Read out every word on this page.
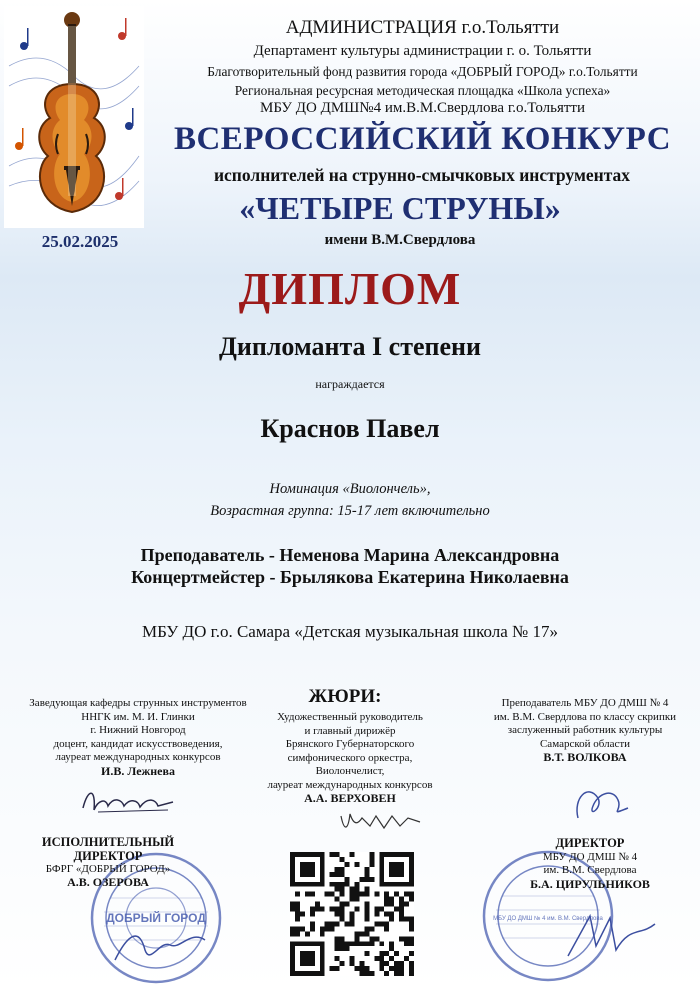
25.02.2025
АДМИНИСТРАЦИЯ г.о.Тольятти
Департамент культуры администрации г. о. Тольятти
Благотворительный фонд развития города «ДОБРЫЙ ГОРОД» г.о.Тольятти
Региональная ресурсная методическая площадка «Школа успеха»
МБУ ДО ДМШ№4 им.В.М.Свердлова г.о.Тольятти
ВСЕРОССИЙСКИЙ КОНКУРС
исполнителей на струнно-смычковых инструментах
«ЧЕТЫРЕ СТРУНЫ»
имени В.М.Свердлова
ДИПЛОМ
Дипломанта I степени
награждается
Краснов Павел
Номинация «Виолончель»,
Возрастная группа: 15-17 лет включительно
Преподаватель - Неменова Марина Александровна
Концертмейстер - Брылякова Екатерина Николаевна
МБУ ДО г.о. Самара «Детская музыкальная школа № 17»
Заведующая кафедры струнных инструментов
ННГК им. М. И. Глинки
г. Нижний Новгород
доцент, кандидат искусствоведения,
лауреат международных конкурсов
И.В. Лежнева
ЖЮРИ:
Художественный руководитель
и главный дирижёр
Брянского Губернаторского
симфонического оркестра,
Виолончелист,
лауреат международных конкурсов
А.А. ВЕРХОВЕН
Преподаватель МБУ ДО ДМШ № 4
им. В.М. Свердлова по классу скрипки
заслуженный работник культуры
Самарской области
В.Т. ВОЛКОВА
ДОБРЫЙ ГОРОД	МБУ ДО ДМШ № 4 им. В.М. Свердлова
ИСПОЛНИТЕЛЬНЫЙ
ДИРЕКТОР
БФРГ «ДОБРЫЙ ГОРОД»
А.В. ОЗЕРОВА
ДИРЕКТОР
МБУ ДО ДМШ № 4
им. В.М. Свердлова
Б.А. ЦИРУЛЬНИКОВ
